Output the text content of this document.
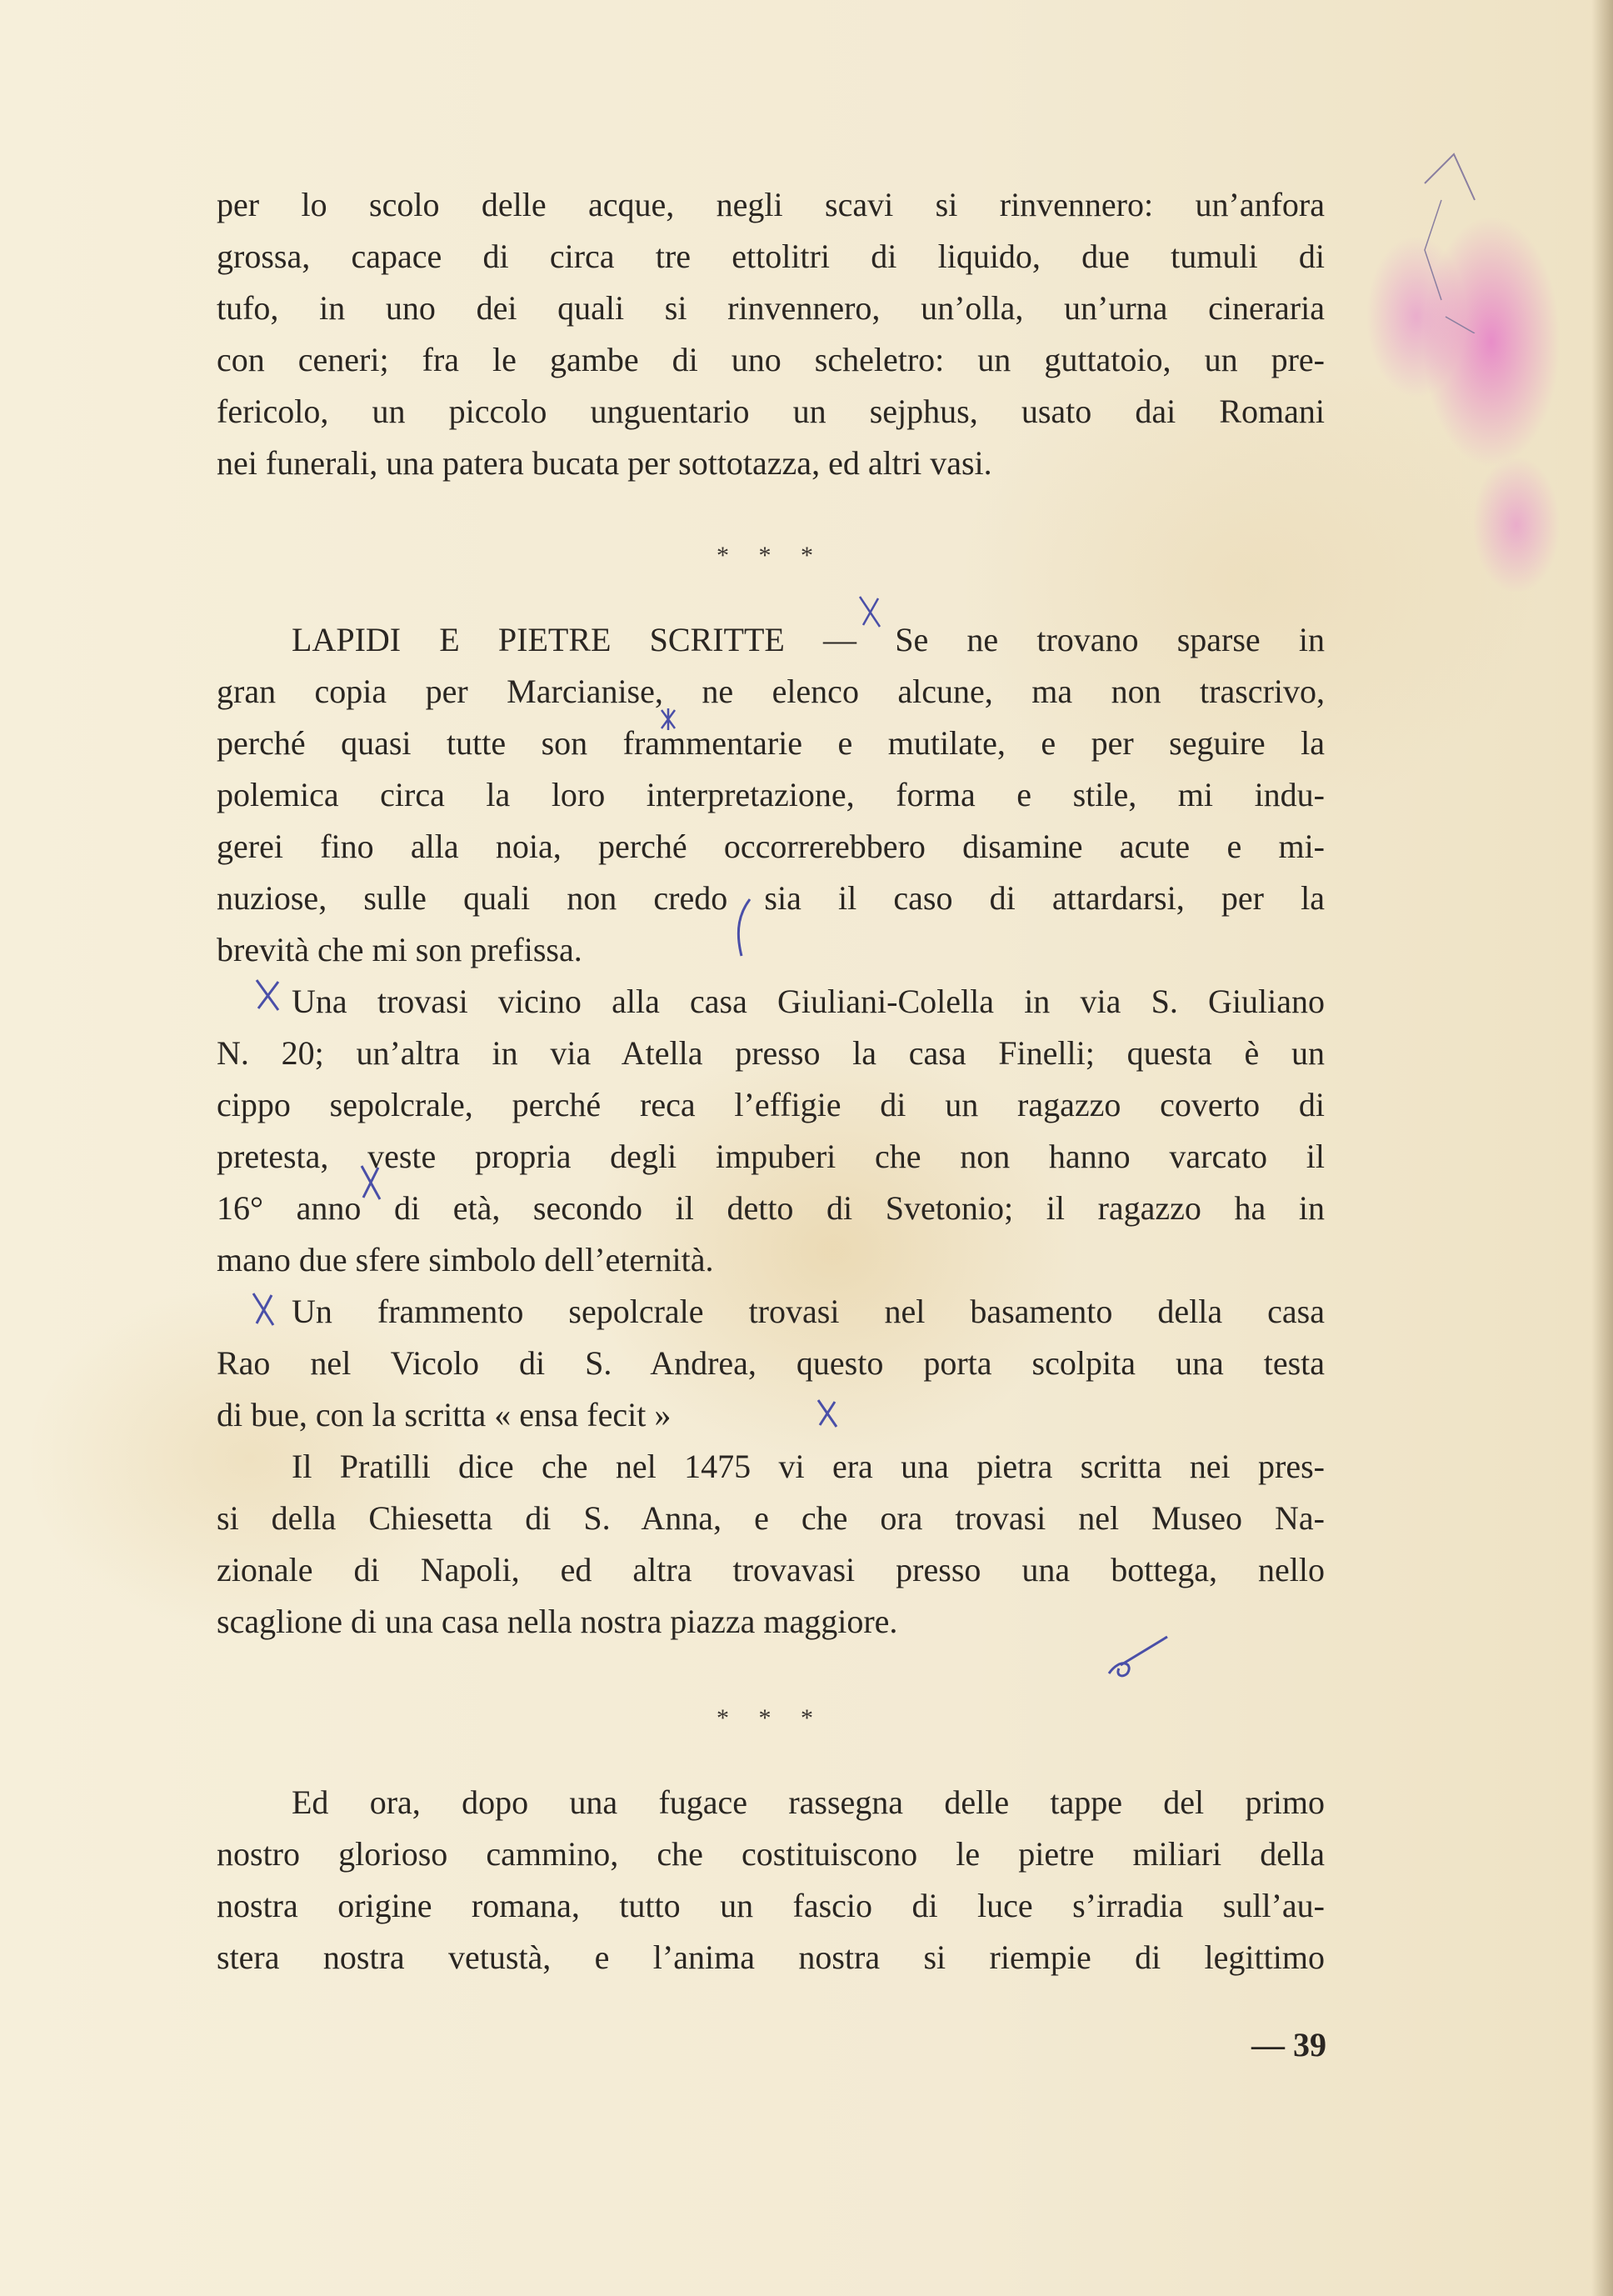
per lo scolo delle acque, negli scavi si rinvennero: un’anfora
grossa, capace di circa tre ettolitri di liquido, due tumuli di
tufo, in uno dei quali si rinvennero, un’olla, un’urna cineraria
con ceneri; fra le gambe di uno scheletro: un guttatoio, un pre-
fericolo, un piccolo unguentario un sejphus, usato dai Romani
nei funerali, una patera bucata per sottotazza, ed altri vasi.
* * *
LAPIDI E PIETRE SCRITTE — Se ne trovano sparse in
gran copia per Marcianise, ne elenco alcune, ma non trascrivo,
perché quasi tutte son frammentarie e mutilate, e per seguire la
polemica circa la loro interpretazione, forma e stile, mi indu-
gerei fino alla noia, perché occorrerebbero disamine acute e mi-
nuziose, sulle quali non credo sia il caso di attardarsi, per la
brevità che mi son prefissa.
Una trovasi vicino alla casa Giuliani-Colella in via S. Giuliano
N. 20; un’altra in via Atella presso la casa Finelli; questa è un
cippo sepolcrale, perché reca l’effigie di un ragazzo coverto di
pretesta, veste propria degli impuberi che non hanno varcato il
16° anno di età, secondo il detto di Svetonio; il ragazzo ha in
mano due sfere simbolo dell’eternità.
Un frammento sepolcrale trovasi nel basamento della casa
Rao nel Vicolo di S. Andrea, questo porta scolpita una testa
di bue, con la scritta « ensa fecit »
Il Pratilli dice che nel 1475 vi era una pietra scritta nei pres-
si della Chiesetta di S. Anna, e che ora trovasi nel Museo Na-
zionale di Napoli, ed altra trovavasi presso una bottega, nello
scaglione di una casa nella nostra piazza maggiore.
* * *
Ed ora, dopo una fugace rassegna delle tappe del primo
nostro glorioso cammino, che costituiscono le pietre miliari della
nostra origine romana, tutto un fascio di luce s’irradia sull’au-
stera nostra vetustà, e l’anima nostra si riempie di legittimo
— 39
